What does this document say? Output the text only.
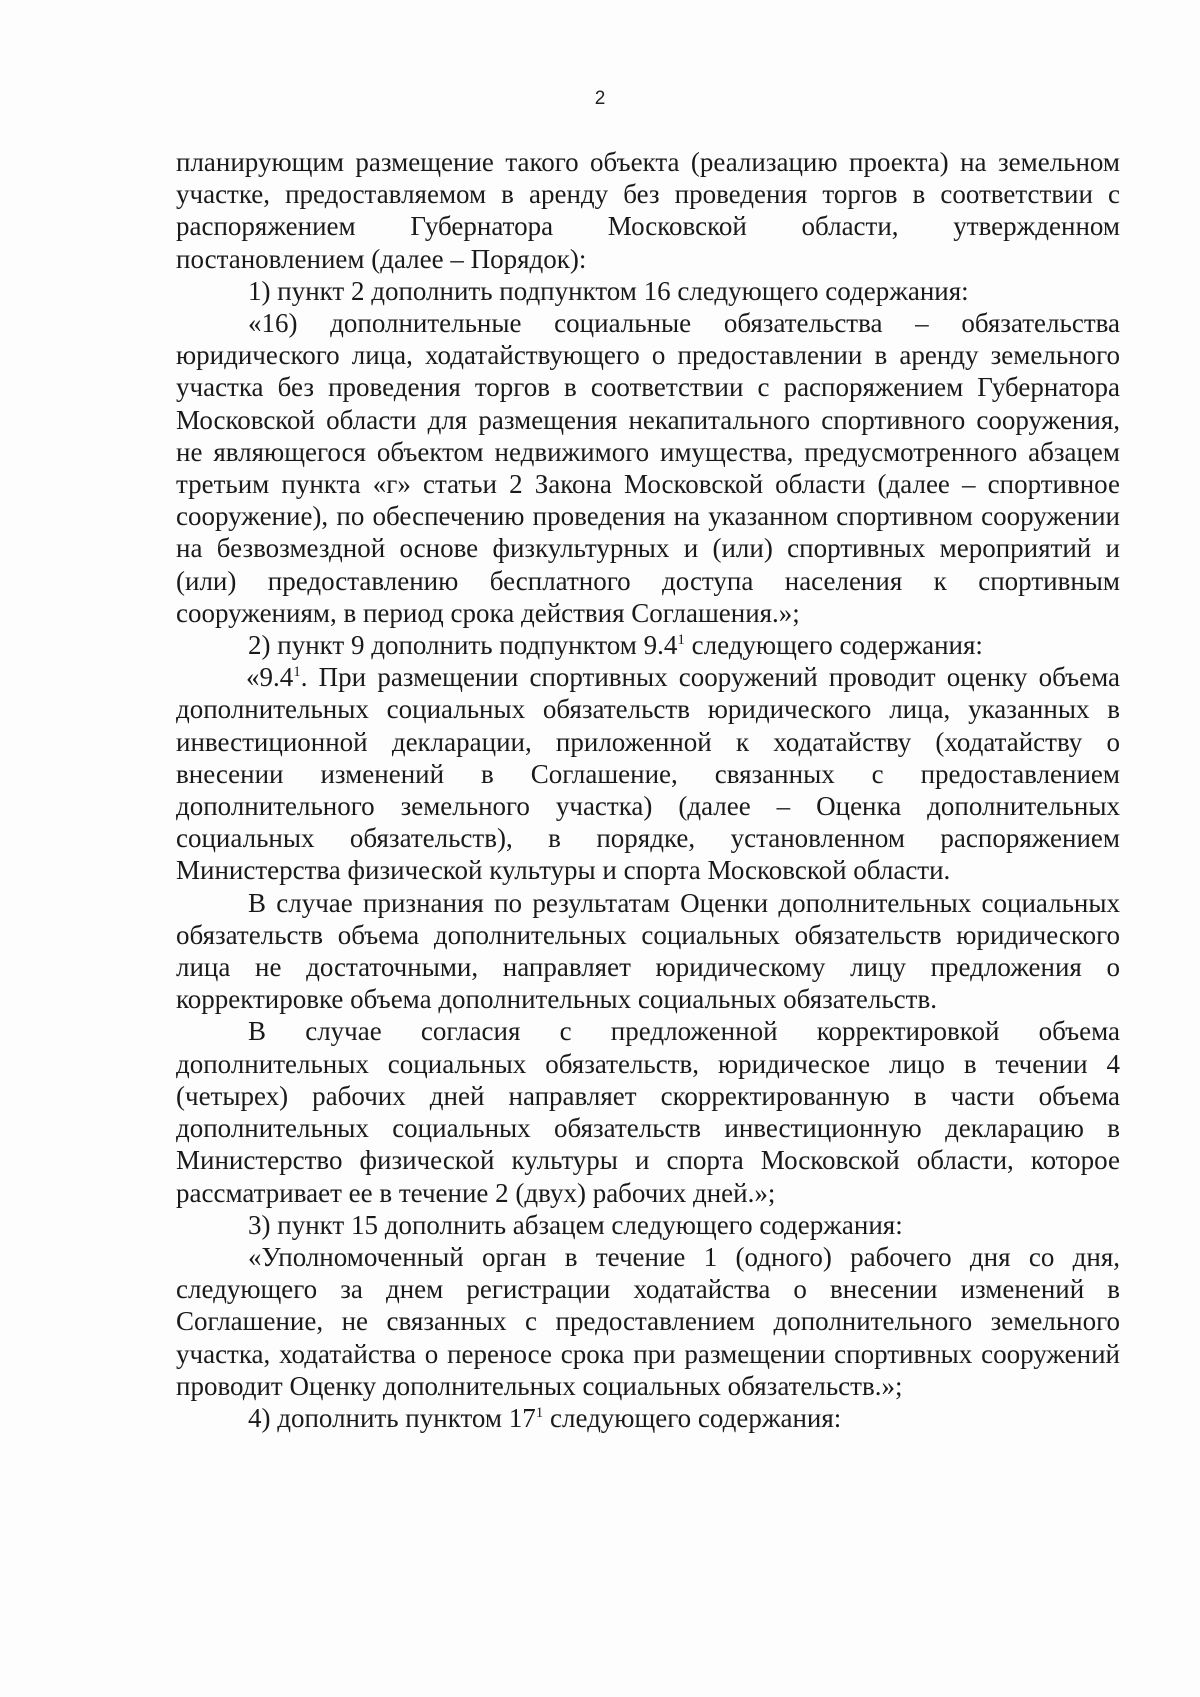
2

планирующим размещение такого объекта (реализацию проекта) на земельном участке, предоставляемом в аренду без проведения торгов в соответствии с распоряжением Губернатора Московской области, утвержденном постановлением (далее – Порядок):

1) пункт 2 дополнить подпунктом 16 следующего содержания:

«16) дополнительные социальные обязательства – обязательства юридического лица, ходатайствующего о предоставлении в аренду земельного участка без проведения торгов в соответствии с распоряжением Губернатора Московской области для размещения некапитального спортивного сооружения, не являющегося объектом недвижимого имущества, предусмотренного абзацем третьим пункта «г» статьи 2 Закона Московской области (далее – спортивное сооружение), по обеспечению проведения на указанном спортивном сооружении на безвозмездной основе физкультурных и (или) спортивных мероприятий и (или) предоставлению бесплатного доступа населения к спортивным сооружениям, в период срока действия Соглашения.»;

2) пункт 9 дополнить подпунктом $9.4^1$ следующего содержания:

«$9.4^1$. При размещении спортивных сооружений проводит оценку объема дополнительных социальных обязательств юридического лица, указанных в инвестиционной декларации, приложенной к ходатайству (ходатайству о внесении изменений в Соглашение, связанных с предоставлением дополнительного земельного участка) (далее – Оценка дополнительных социальных обязательств), в порядке, установленном распоряжением Министерства физической культуры и спорта Московской области.

В случае признания по результатам Оценки дополнительных социальных обязательств объема дополнительных социальных обязательств юридического лица не достаточными, направляет юридическому лицу предложения о корректировке объема дополнительных социальных обязательств.

В случае согласия с предложенной корректировкой объема дополнительных социальных обязательств, юридическое лицо в течении 4 (четырех) рабочих дней направляет скорректированную в части объема дополнительных социальных обязательств инвестиционную декларацию в Министерство физической культуры и спорта Московской области, которое рассматривает ее в течение 2 (двух) рабочих дней.»;

3) пункт 15 дополнить абзацем следующего содержания:

«Уполномоченный орган в течение 1 (одного) рабочего дня со дня, следующего за днем регистрации ходатайства о внесении изменений в Соглашение, не связанных с предоставлением дополнительного земельного участка, ходатайства о переносе срока при размещении спортивных сооружений проводит Оценку дополнительных социальных обязательств.»;

4) дополнить пунктом $17^1$ следующего содержания:
